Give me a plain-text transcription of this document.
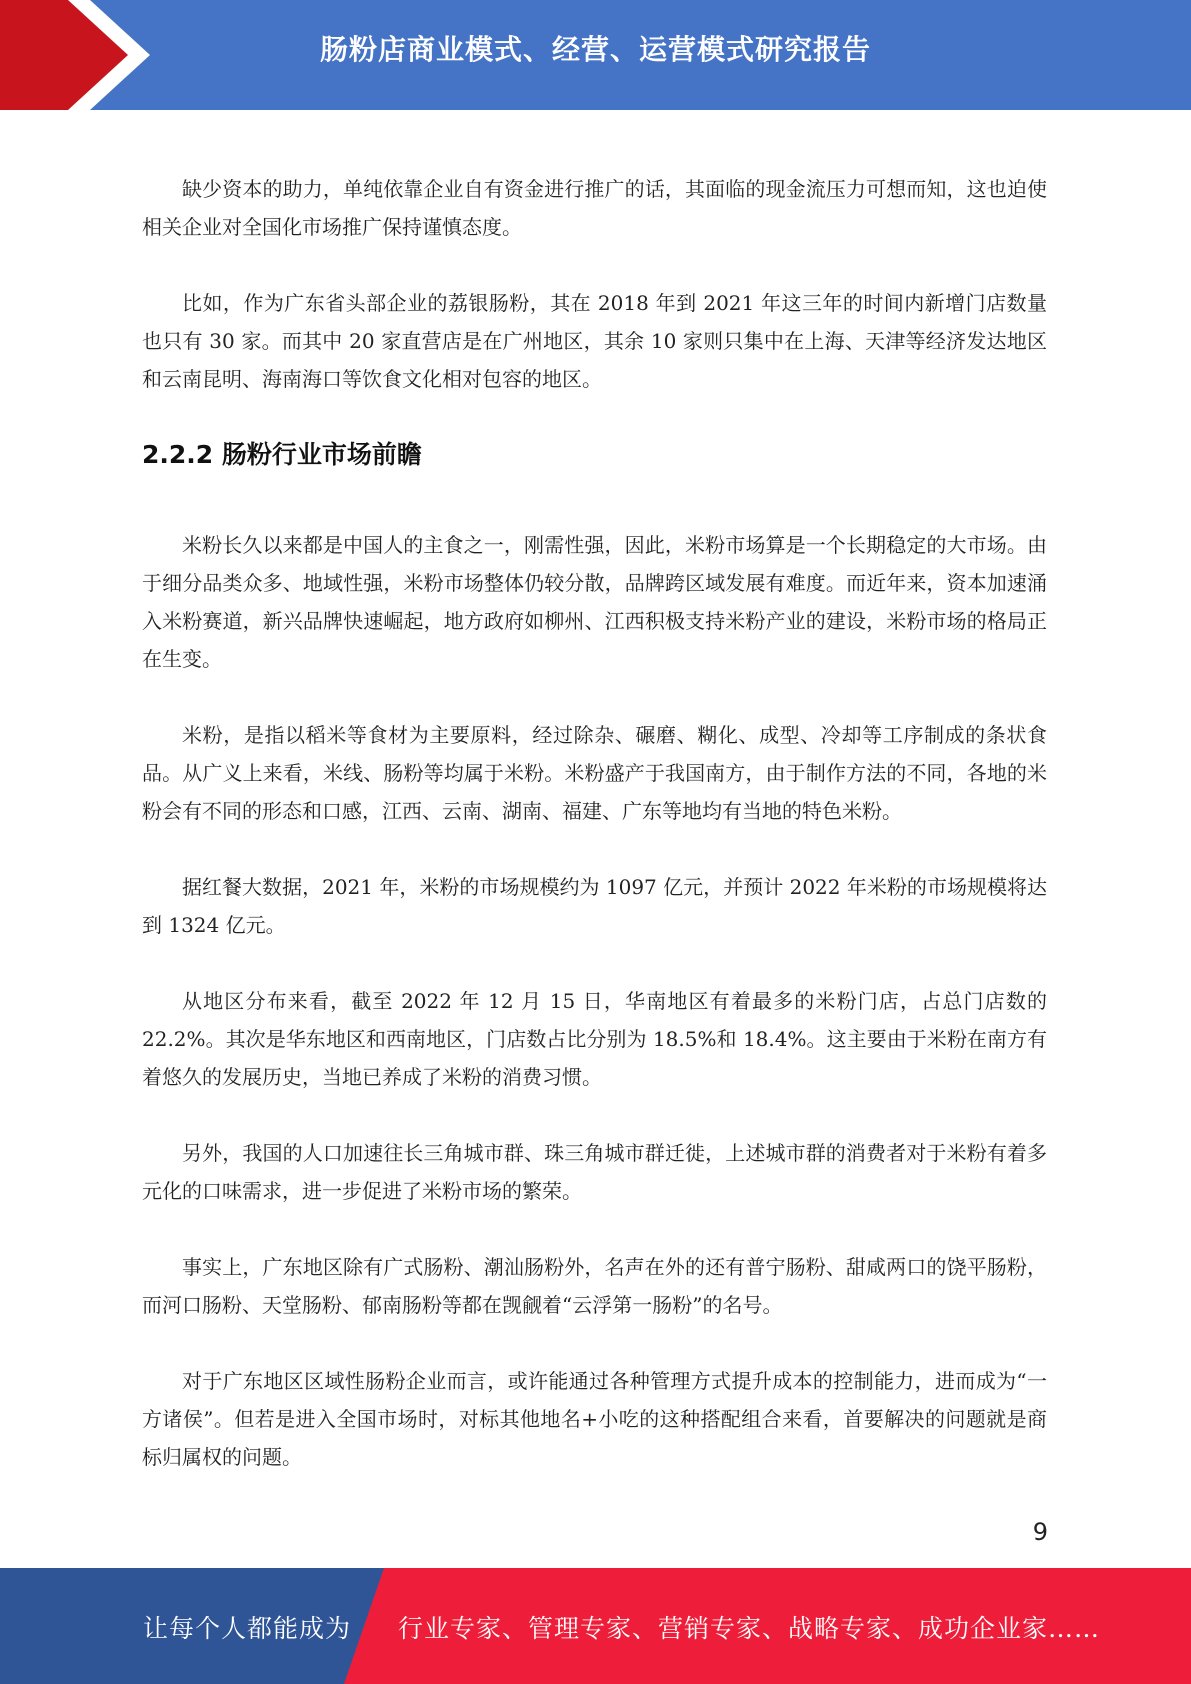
肠粉店商业模式、经营、运营模式研究报告

缺少资本的助力，单纯依靠企业自有资金进行推广的话，其面临的现金流压力可想而知，这也迫使相关企业对全国化市场推广保持谨慎态度。

比如，作为广东省头部企业的荔银肠粉，其在 2018 年到 2021 年这三年的时间内新增门店数量也只有 30 家。而其中 20 家直营店是在广州地区，其余 10 家则只集中在上海、天津等经济发达地区和云南昆明、海南海口等饮食文化相对包容的地区。

2.2.2 肠粉行业市场前瞻

米粉长久以来都是中国人的主食之一，刚需性强，因此，米粉市场算是一个长期稳定的大市场。由于细分品类众多、地域性强，米粉市场整体仍较分散，品牌跨区域发展有难度。而近年来，资本加速涌入米粉赛道，新兴品牌快速崛起，地方政府如柳州、江西积极支持米粉产业的建设，米粉市场的格局正在生变。

米粉，是指以稻米等食材为主要原料，经过除杂、碾磨、糊化、成型、冷却等工序制成的条状食品。从广义上来看，米线、肠粉等均属于米粉。米粉盛产于我国南方，由于制作方法的不同，各地的米粉会有不同的形态和口感，江西、云南、湖南、福建、广东等地均有当地的特色米粉。

据红餐大数据，2021 年，米粉的市场规模约为 1097 亿元，并预计 2022 年米粉的市场规模将达到 1324 亿元。

从地区分布来看，截至 2022 年 12 月 15 日，华南地区有着最多的米粉门店，占总门店数的 22.2%。其次是华东地区和西南地区，门店数占比分别为 18.5%和 18.4%。这主要由于米粉在南方有着悠久的发展历史，当地已养成了米粉的消费习惯。

另外，我国的人口加速往长三角城市群、珠三角城市群迁徙，上述城市群的消费者对于米粉有着多元化的口味需求，进一步促进了米粉市场的繁荣。

事实上，广东地区除有广式肠粉、潮汕肠粉外，名声在外的还有普宁肠粉、甜咸两口的饶平肠粉，而河口肠粉、天堂肠粉、郁南肠粉等都在觊觎着“云浮第一肠粉”的名号。

对于广东地区区域性肠粉企业而言，或许能通过各种管理方式提升成本的控制能力，进而成为“一方诸侯”。但若是进入全国市场时，对标其他地名+小吃的这种搭配组合来看，首要解决的问题就是商标归属权的问题。

9
让每个人都能成为 行业专家、管理专家、营销专家、战略专家、成功企业家……
